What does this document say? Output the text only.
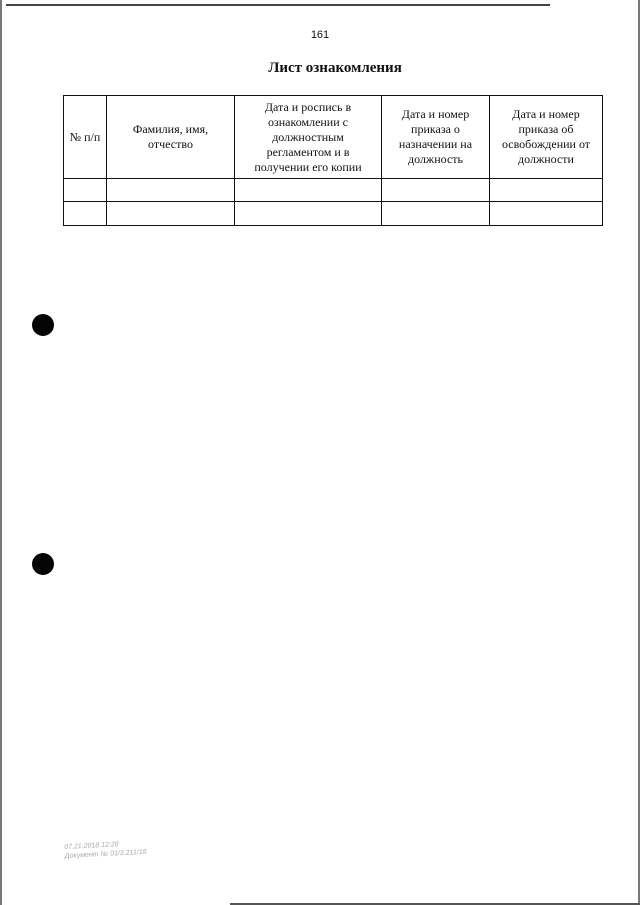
161
Лист ознакомления
№ п/п	Фамилия, имя, отчество	Дата и роспись в ознакомлении с должностным регламентом и в получении его копии	Дата и номер приказа о назначении на должность	Дата и номер приказа об освобождении от должности

07.21.2018 12:28
Документ № 01/3.211/18
